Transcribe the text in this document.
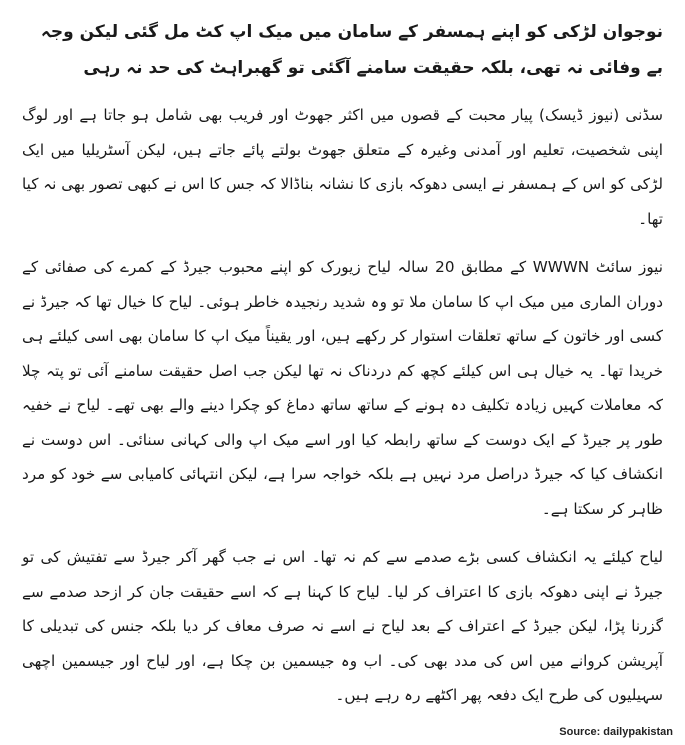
نوجوان لڑکی کو اپنے ہمسفر کے سامان میں میک اپ کٹ مل گئی لیکن وجہ بے وفائی نہ تھی، بلکہ حقیقت سامنے آگئی تو گھبراہٹ کی حد نہ رہی

سڈنی (نیوز ڈیسک) پیار محبت کے قصوں میں اکثر جھوٹ اور فریب بھی شامل ہو جاتا ہے اور لوگ اپنی شخصیت، تعلیم اور آمدنی وغیرہ کے متعلق جھوٹ بولتے پائے جاتے ہیں، لیکن آسٹریلیا میں ایک لڑکی کو اس کے ہمسفر نے ایسی دھوکہ بازی کا نشانہ بناڈالا کہ جس کا اس نے کبھی تصور بھی نہ کیا تھا۔

نیوز سائٹ WWWN کے مطابق 20 سالہ لیاح زیورک کو اپنے محبوب جیرڈ کے کمرے کی صفائی کے دوران الماری میں میک اپ کا سامان ملا تو وہ شدید رنجیدہ خاطر ہوئی۔ لیاح کا خیال تھا کہ جیرڈ نے کسی اور خاتون کے ساتھ تعلقات استوار کر رکھے ہیں، اور یقیناً میک اپ کا سامان بھی اسی کیلئے ہی خریدا تھا۔ یہ خیال ہی اس کیلئے کچھ کم دردناک نہ تھا لیکن جب اصل حقیقت سامنے آئی تو پتہ چلا کہ معاملات کہیں زیادہ تکلیف دہ ہونے کے ساتھ ساتھ دماغ کو چکرا دینے والے بھی تھے۔ لیاح نے خفیہ طور پر جیرڈ کے ایک دوست کے ساتھ رابطہ کیا اور اسے میک اپ والی کہانی سنائی۔ اس دوست نے انکشاف کیا کہ جیرڈ دراصل مرد نہیں ہے بلکہ خواجہ سرا ہے، لیکن انتہائی کامیابی سے خود کو مرد ظاہر کر سکتا ہے۔

لیاح کیلئے یہ انکشاف کسی بڑے صدمے سے کم نہ تھا۔ اس نے جب گھر آکر جیرڈ سے تفتیش کی تو جیرڈ نے اپنی دھوکہ بازی کا اعتراف کر لیا۔ لیاح کا کہنا ہے کہ اسے حقیقت جان کر ازحد صدمے سے گزرنا پڑا، لیکن جیرڈ کے اعتراف کے بعد لیاح نے اسے نہ صرف معاف کر دیا بلکہ جنس کی تبدیلی کا آپریشن کروانے میں اس کی مدد بھی کی۔ اب وہ جیسمین بن چکا ہے، اور لیاح اور جیسمین اچھی سہیلیوں کی طرح ایک دفعہ پھر اکٹھے رہ رہے ہیں۔

Source: dailypakistan
